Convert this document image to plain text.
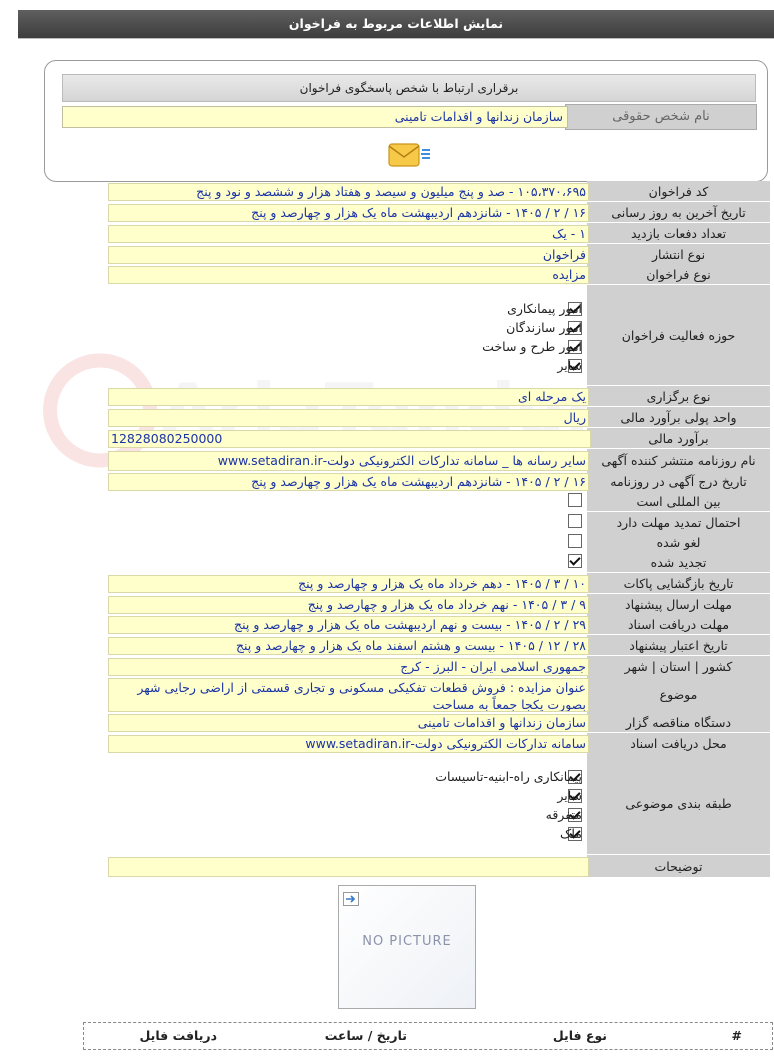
نمایش اطلاعات مربوط به فراخوان
برقراری ارتباط با شخص پاسخگوی فراخوان
نام شخص حقوقی
سازمان زندانها و اقدامات تامینی
کد فراخوان
۱۰۵،۳۷۰،۶۹۵ - صد و پنج میلیون و سیصد و هفتاد هزار و ششصد و نود و پنج
تاریخ آخرین به روز رسانی
۱۶ / ۲ / ۱۴۰۵ - شانزدهم اردیبهشت ماه یک هزار و چهارصد و پنج
تعداد دفعات بازدید
۱ - یک
نوع انتشار
فراخوان
نوع فراخوان
مزایده
حوزه فعالیت فراخوان
نوع برگزاری
یک مرحله ای
واحد پولی برآورد مالی
ریال
برآورد مالی
12828080250000
نام روزنامه منتشر کننده آگهی
سایر رسانه ها _ سامانه تدارکات الکترونیکی دولت-www.setadiran.ir
تاریخ درج آگهی در روزنامه
۱۶ / ۲ / ۱۴۰۵ - شانزدهم اردیبهشت ماه یک هزار و چهارصد و پنج
بین المللی است
احتمال تمدید مهلت دارد
لغو شده
تجدید شده
تاریخ بازگشایی پاکات
۱۰ / ۳ / ۱۴۰۵ - دهم خرداد ماه یک هزار و چهارصد و پنج
مهلت ارسال پیشنهاد
۹ / ۳ / ۱۴۰۵ - نهم خرداد ماه یک هزار و چهارصد و پنج
مهلت دریافت اسناد
۲۹ / ۲ / ۱۴۰۵ - بیست و نهم اردیبهشت ماه یک هزار و چهارصد و پنج
تاریخ اعتبار پیشنهاد
۲۸ / ۱۲ / ۱۴۰۵ - بیست و هشتم اسفند ماه یک هزار و چهارصد و پنج
کشور | استان | شهر
جمهوری اسلامی ایران - البرز - کرج
موضوع
عنوان مزایده : فروش قطعات تفکیکی مسکونی و تجاری قسمتی از اراضی رجایی شهر بصورت یکجا جمعاً به مساحت
دستگاه مناقصه گزار
سازمان زندانها و اقدامات تامینی
محل دریافت اسناد
سامانه تدارکات الکترونیکی دولت-www.setadiran.ir
طبقه بندی موضوعی
توضیحات
امور پیمانکاری
امور سازندگان
امور طرح و ساخت
سایر
پیمانکاری راه-ابنیه-تاسیسات
سایر
متفرقه
ملک
NO PICTURE
#
نوع فایل
تاریخ / ساعت
دریافت فایل
